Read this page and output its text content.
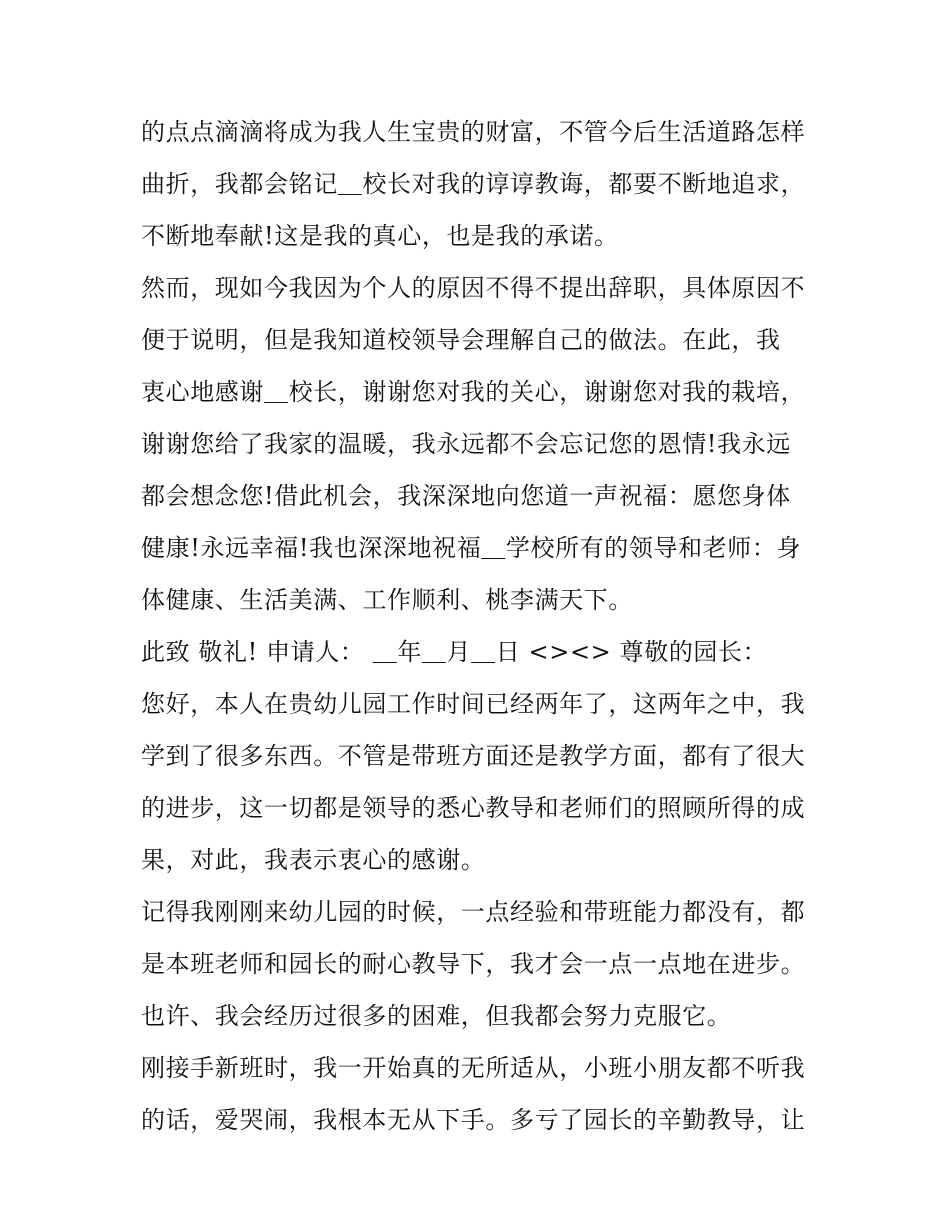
的点点滴滴将成为我人生宝贵的财富，不管今后生活道路怎样
曲折，我都会铭记＿校长对我的谆谆教诲，都要不断地追求，
不断地奉献!这是我的真心，也是我的承诺。
然而，现如今我因为个人的原因不得不提出辞职，具体原因不
便于说明，但是我知道校领导会理解自己的做法。在此，我
衷心地感谢＿校长，谢谢您对我的关心，谢谢您对我的栽培，
谢谢您给了我家的温暖，我永远都不会忘记您的恩情!我永远
都会想念您!借此机会，我深深地向您道一声祝福：愿您身体
健康!永远幸福!我也深深地祝福＿学校所有的领导和老师：身
体健康、生活美满、工作顺利、桃李满天下。
此致 敬礼! 申请人： ＿年＿月＿日 <><> 尊敬的园长：
您好，本人在贵幼儿园工作时间已经两年了，这两年之中，我
学到了很多东西。不管是带班方面还是教学方面，都有了很大
的进步，这一切都是领导的悉心教导和老师们的照顾所得的成
果，对此，我表示衷心的感谢。
记得我刚刚来幼儿园的时候，一点经验和带班能力都没有，都
是本班老师和园长的耐心教导下，我才会一点一点地在进步。
也许、我会经历过很多的困难，但我都会努力克服它。
刚接手新班时，我一开始真的无所适从，小班小朋友都不听我
的话，爱哭闹，我根本无从下手。多亏了园长的辛勤教导，让
